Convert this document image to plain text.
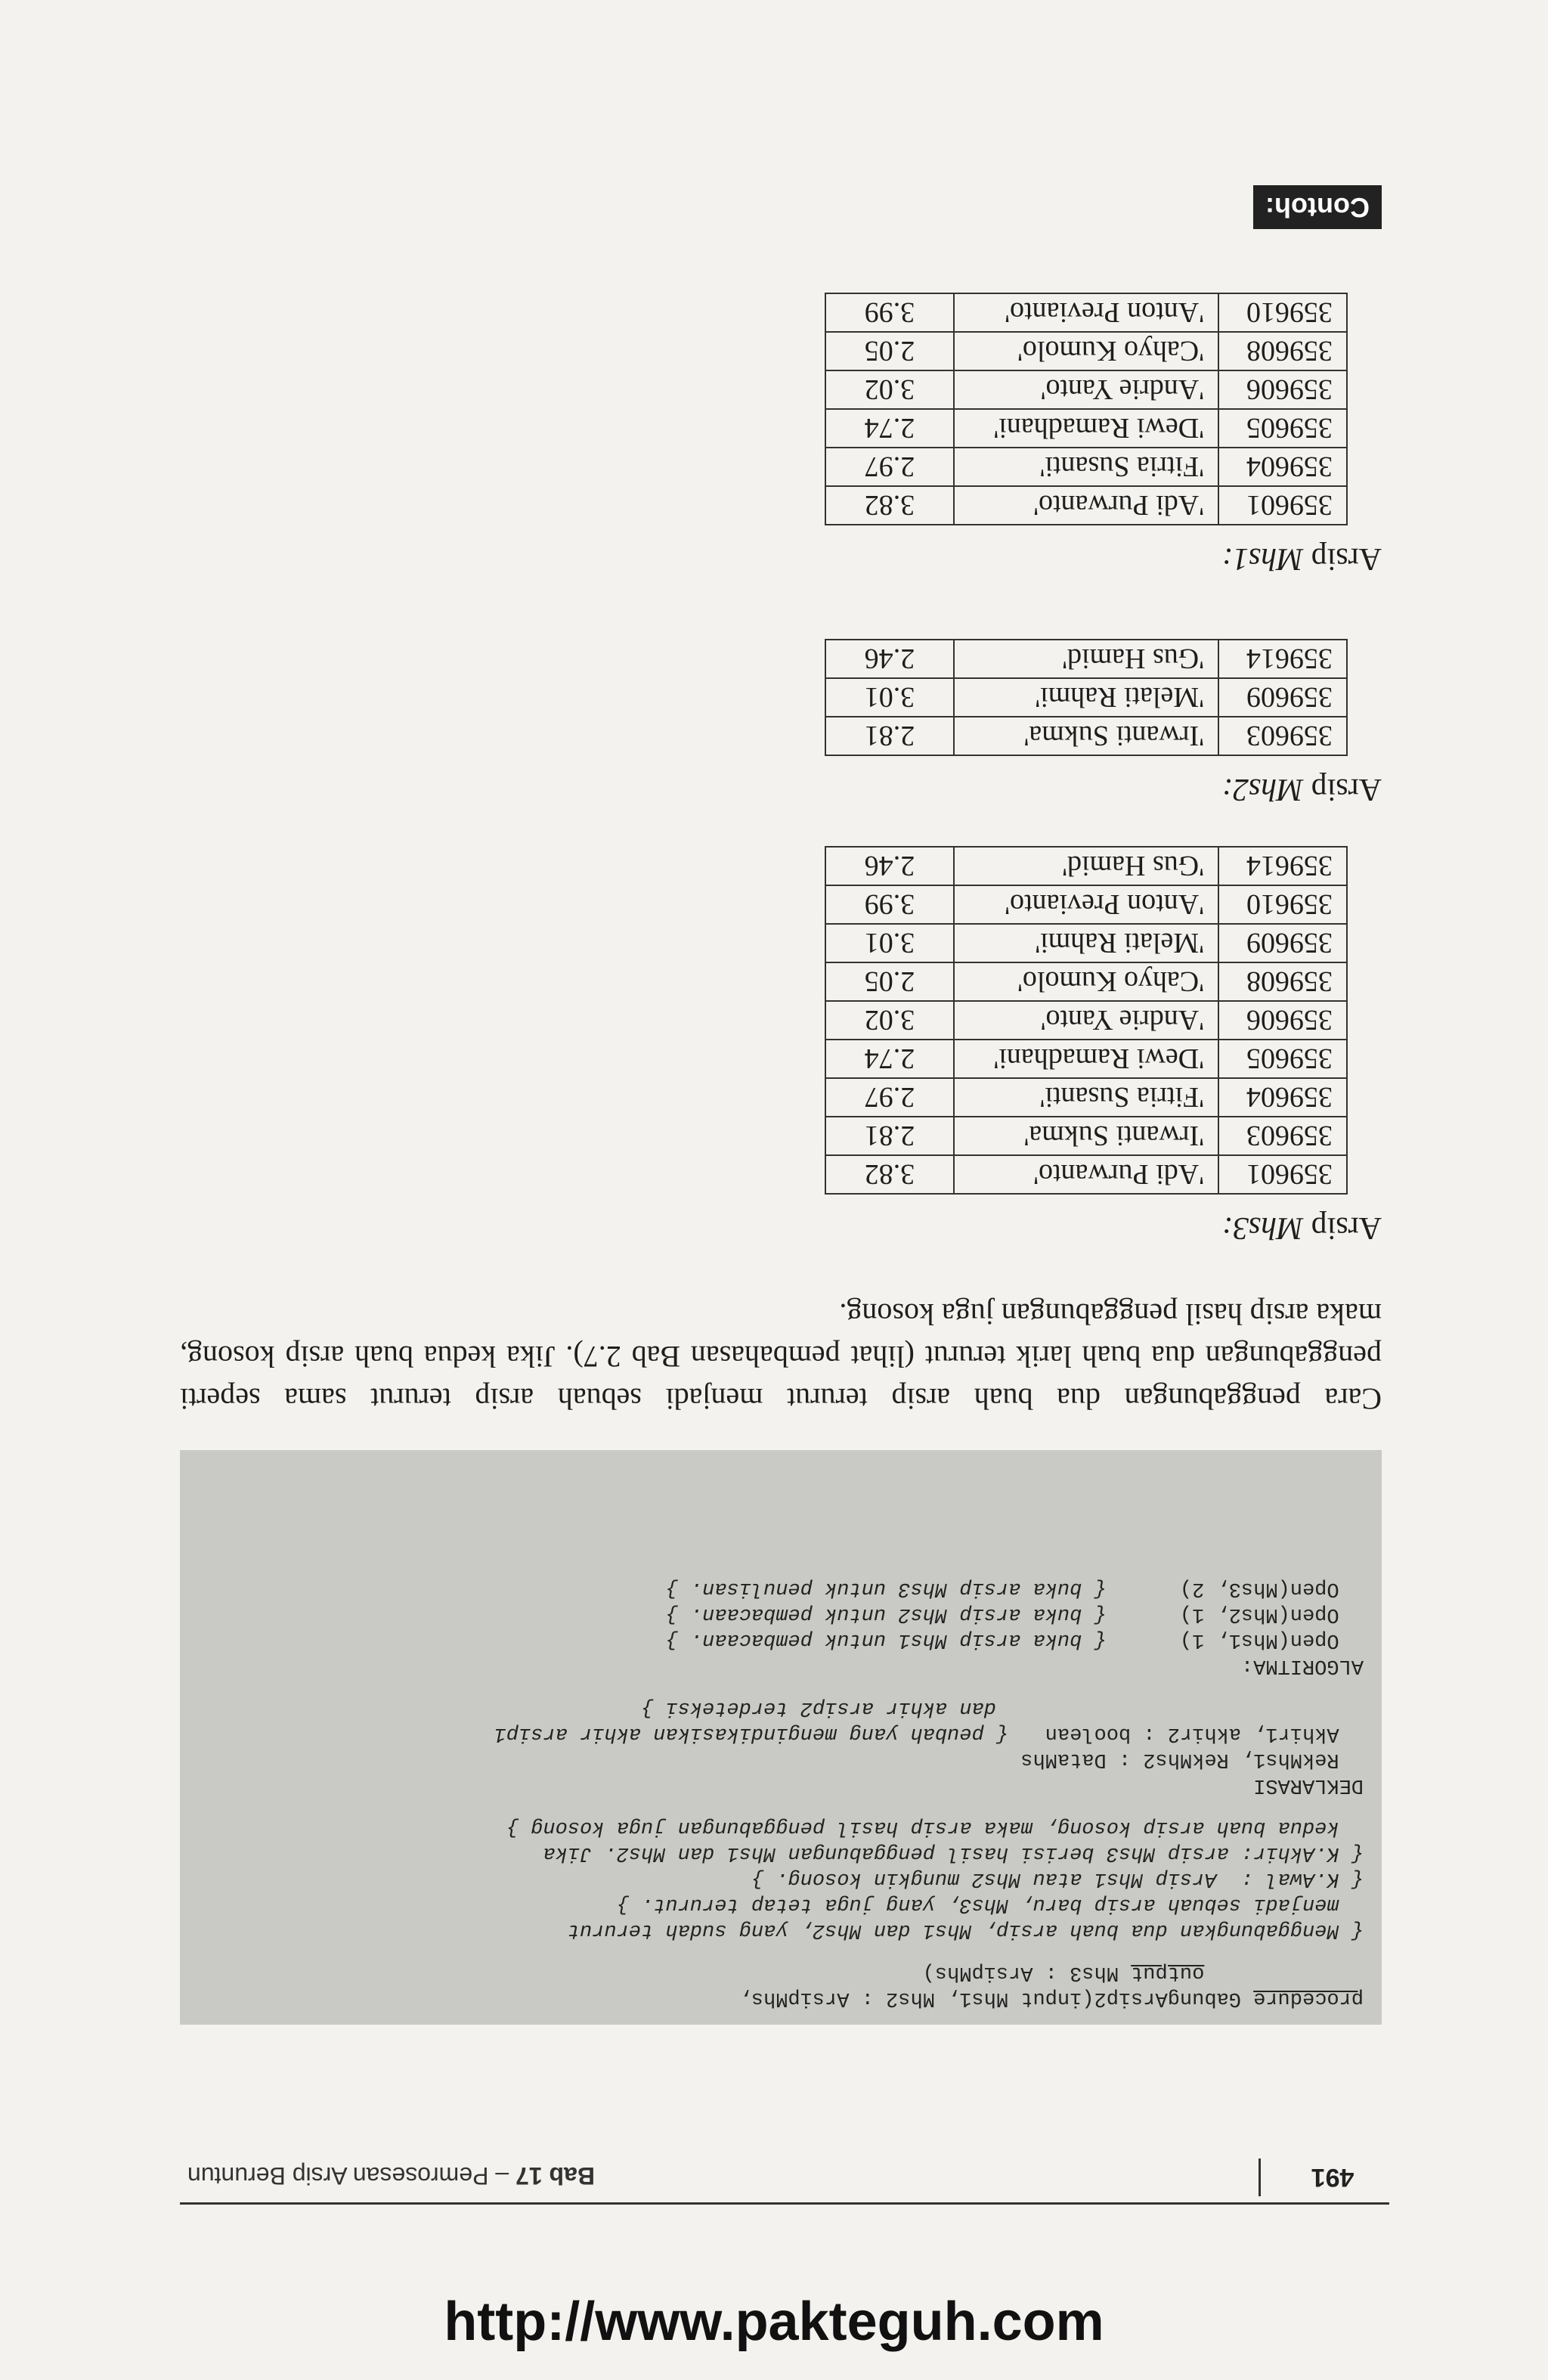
491
Bab 17 – Pemrosesan Arsip Beruntun
procedure GabungArsip2(input Mhs1, Mhs2 : ArsipMhs,
output Mhs3 : ArsipMhs)
{ Menggabungkan dua buah arsip, Mhs1 dan Mhs2, yang sudah terurut
menjadi sebuah arsip baru, Mhs3, yang juga tetap terurut. }
{ K.Awal :  Arsip Mhs1 atau Mhs2 mungkin kosong. }
{ K.Akhir: arsip Mhs3 berisi hasil penggabungan Mhs1 dan Mhs2. Jika
kedua buah arsip kosong, maka arsip hasil penggabungan juga kosong }
DEKLARASI
RekMhs1, RekMhs2 : DataMhs
Akhir1, akhir2 : boolean   { peubah yang mengindikasikan akhir arsip1
dan akhir arsip2 terdeteksi }
ALGORITMA:
Open(Mhs1, 1)      { buka arsip Mhs1 untuk pembacaan. }
Open(Mhs2, 1)      { buka arsip Mhs2 untuk pembacaan. }
Open(Mhs3, 2)      { buka arsip Mhs3 untuk penulisan. }
Cara penggabungan dua buah arsip terurut menjadi sebuah arsip terurut sama seperti penggabungan dua buah larik terurut (lihat pembahasan Bab 2.7). Jika kedua buah arsip kosong, maka arsip hasil penggabungan juga kosong.
Arsip Mhs3:
359601	'Adi Purwanto'	3.82
359603	'Irwanti Sukma'	2.81
359604	'Fitria Susanti'	2.97
359605	'Dewi Ramadhani'	2.74
359606	'Andrie Yanto'	3.02
359608	'Cahyo Kumolo'	2.05
359609	'Melati Rahmi'	3.01
359610	'Anton Previanto'	3.99
359614	'Gus Hamid'	2.46
Arsip Mhs2:
359603	'Irwanti Sukma'	2.81
359609	'Melati Rahmi'	3.01
359614	'Gus Hamid'	2.46
Arsip Mhs1:
359601	'Adi Purwanto'	3.82
359604	'Fitria Susanti'	2.97
359605	'Dewi Ramadhani'	2.74
359606	'Andrie Yanto'	3.02
359608	'Cahyo Kumolo'	2.05
359610	'Anton Previanto'	3.99
Contoh:
http://www.pakteguh.com
